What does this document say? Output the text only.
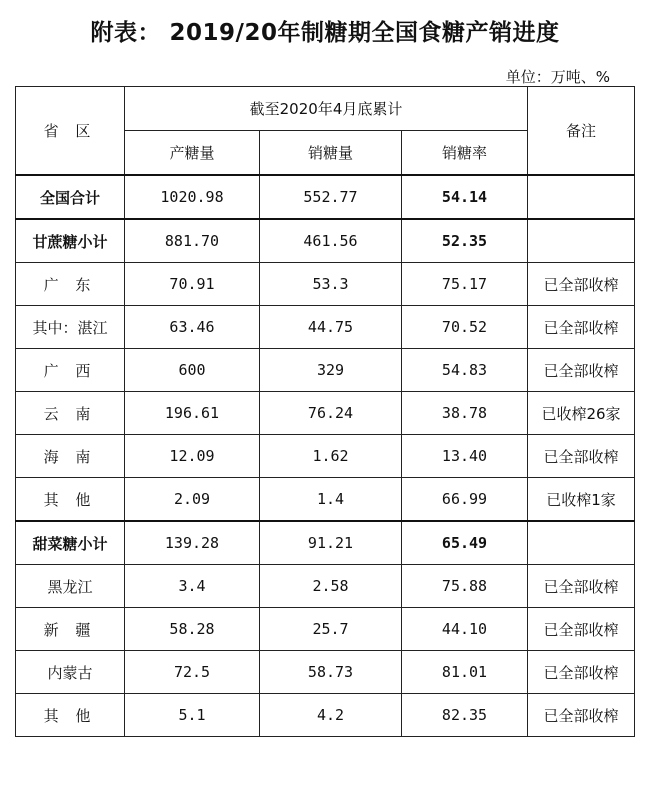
附表： 2019/20年制糖期全国食糖产销进度
单位：万吨、%
省 区	截至2020年4月底累计			备注
	产糖量	销糖量	销糖率	
全国合计	1020.98	552.77	54.14	
甘蔗糖小计	881.70	461.56	52.35	
广 东	70.91	53.3	75.17	已全部收榨
其中：湛江	63.46	44.75	70.52	已全部收榨
广 西	600	329	54.83	已全部收榨
云 南	196.61	76.24	38.78	已收榨26家
海 南	12.09	1.62	13.40	已全部收榨
其 他	2.09	1.4	66.99	已收榨1家
甜菜糖小计	139.28	91.21	65.49	
黑龙江	3.4	2.58	75.88	已全部收榨
新 疆	58.28	25.7	44.10	已全部收榨
内蒙古	72.5	58.73	81.01	已全部收榨
其 他	5.1	4.2	82.35	已全部收榨
